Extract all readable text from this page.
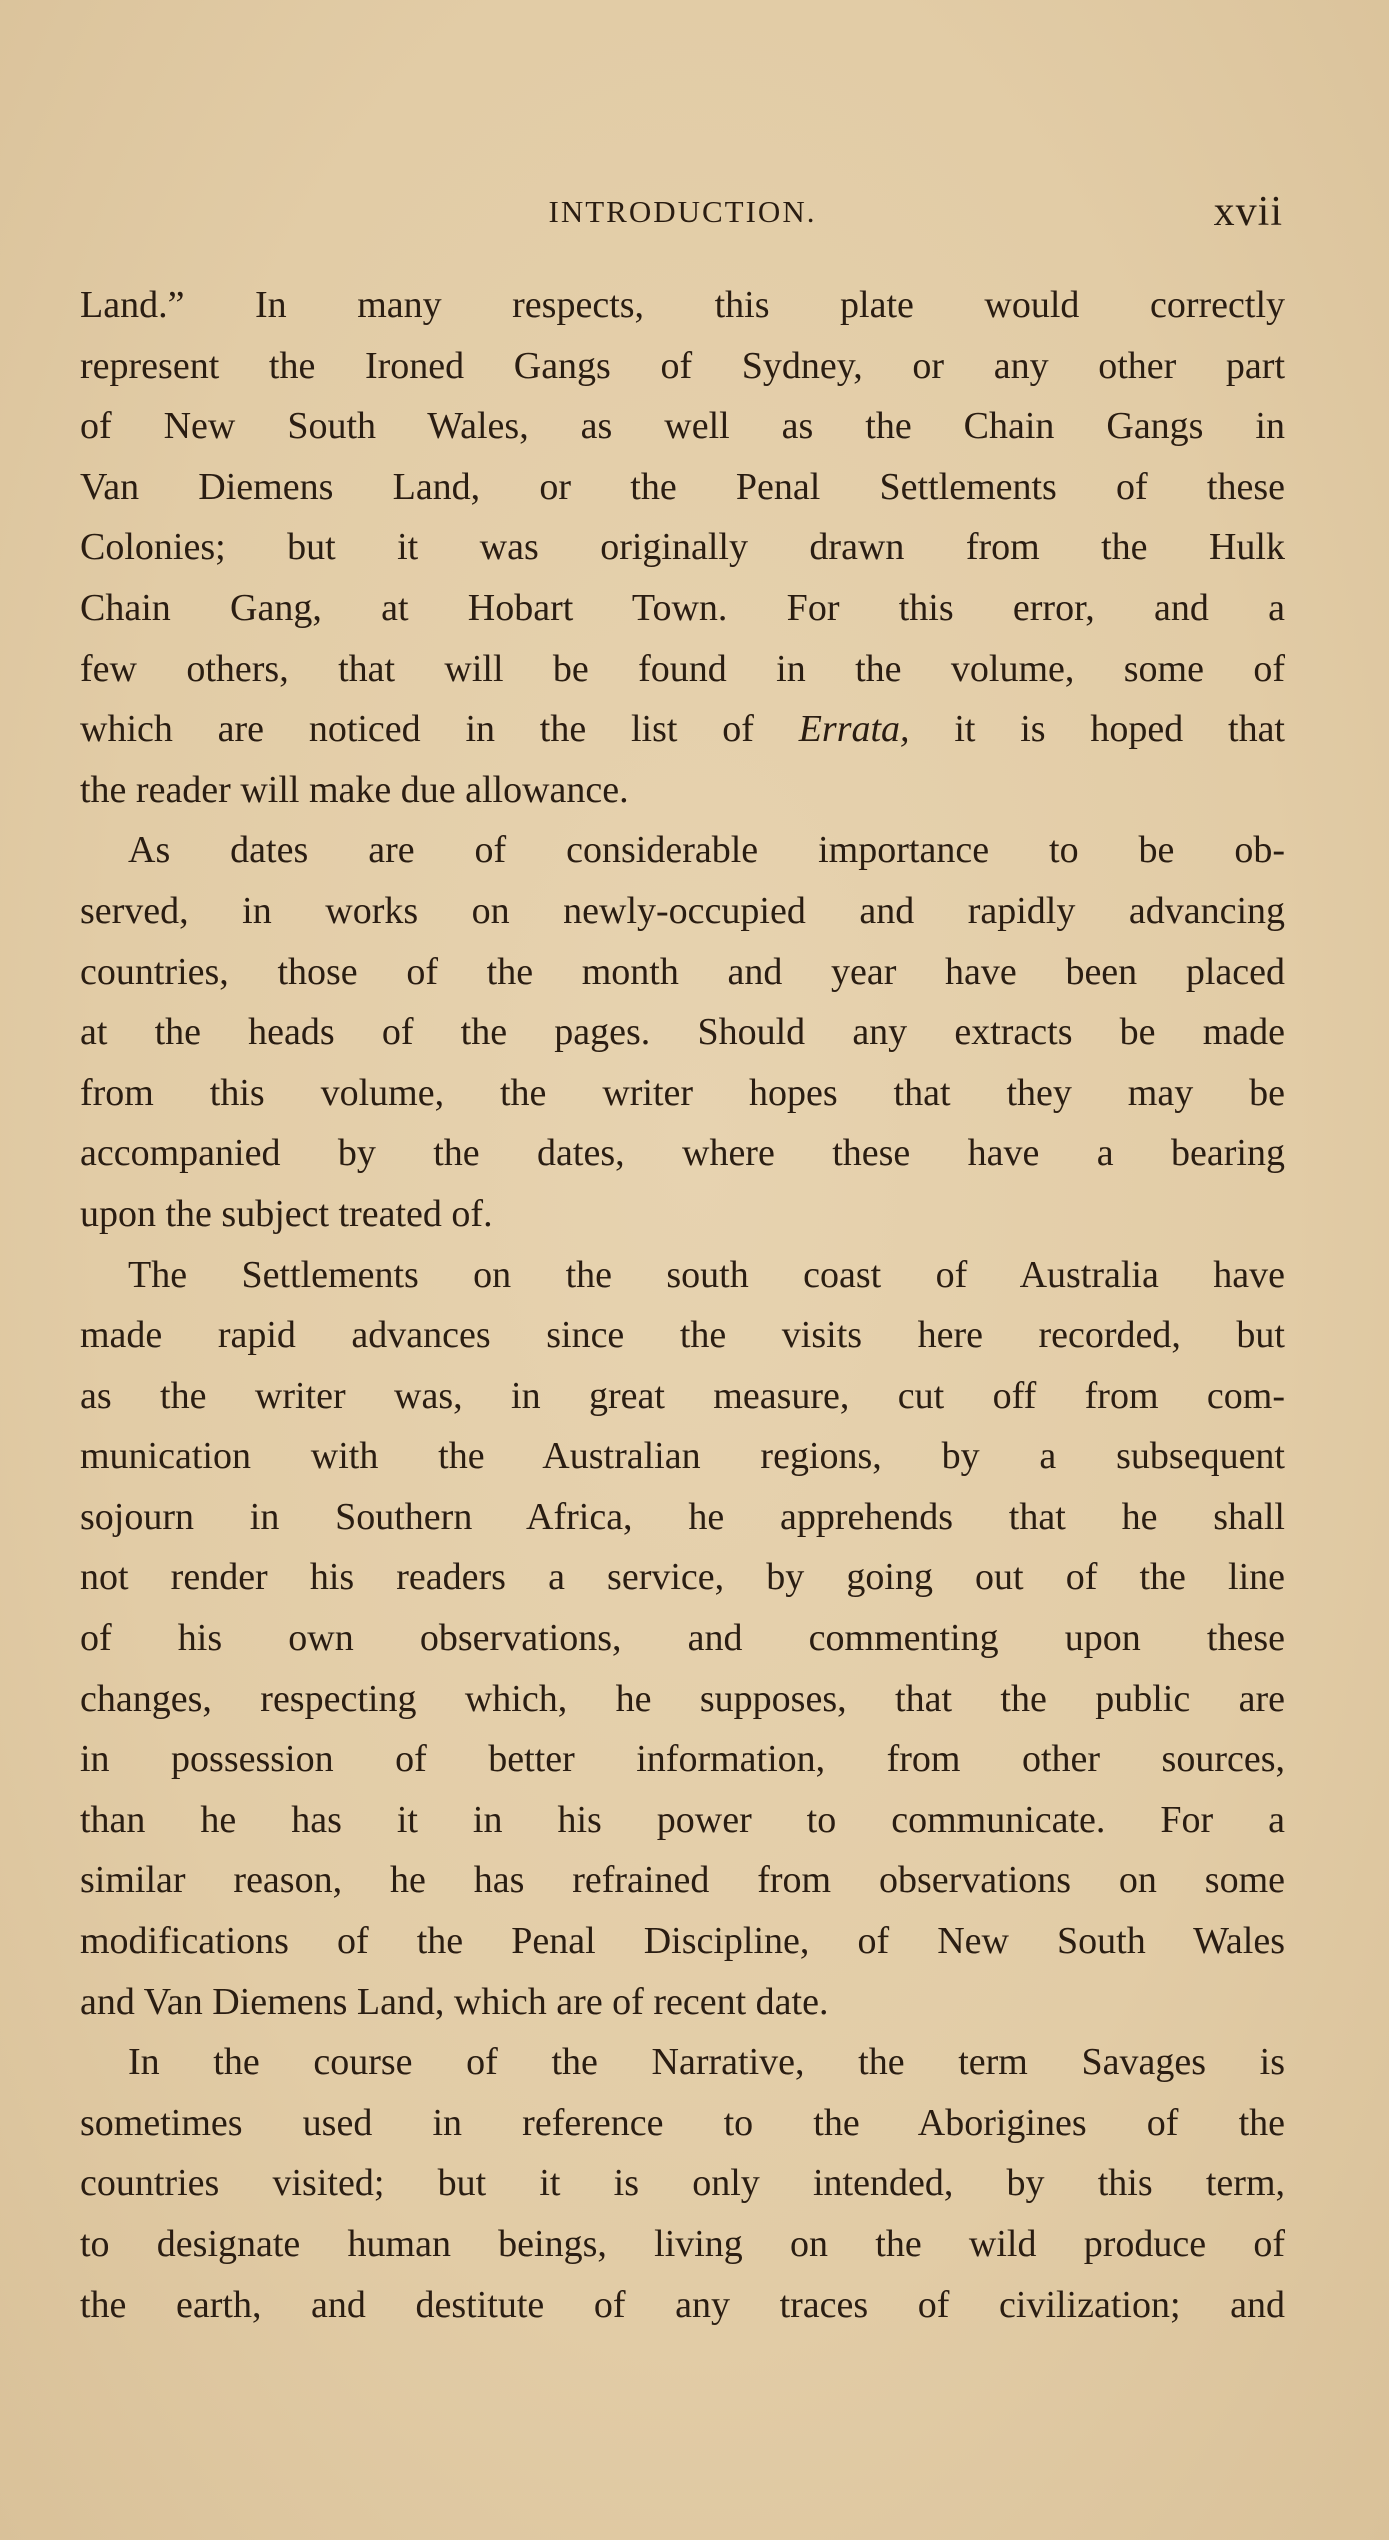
INTRODUCTION.	xvii
Land.” In many respects, this plate would correctly
represent the Ironed Gangs of Sydney, or any other part
of New South Wales, as well as the Chain Gangs in
Van Diemens Land, or the Penal Settlements of these
Colonies; but it was originally drawn from the Hulk
Chain Gang, at Hobart Town. For this error, and a
few others, that will be found in the volume, some of
which are noticed in the list of Errata, it is hoped that
the reader will make due allowance.
As dates are of considerable importance to be ob-
served, in works on newly-occupied and rapidly advancing
countries, those of the month and year have been placed
at the heads of the pages. Should any extracts be made
from this volume, the writer hopes that they may be
accompanied by the dates, where these have a bearing
upon the subject treated of.
The Settlements on the south coast of Australia have
made rapid advances since the visits here recorded, but
as the writer was, in great measure, cut off from com-
munication with the Australian regions, by a subsequent
sojourn in Southern Africa, he apprehends that he shall
not render his readers a service, by going out of the line
of his own observations, and commenting upon these
changes, respecting which, he supposes, that the public are
in possession of better information, from other sources,
than he has it in his power to communicate. For a
similar reason, he has refrained from observations on some
modifications of the Penal Discipline, of New South Wales
and Van Diemens Land, which are of recent date.
In the course of the Narrative, the term Savages is
sometimes used in reference to the Aborigines of the
countries visited; but it is only intended, by this term,
to designate human beings, living on the wild produce of
the earth, and destitute of any traces of civilization; and
